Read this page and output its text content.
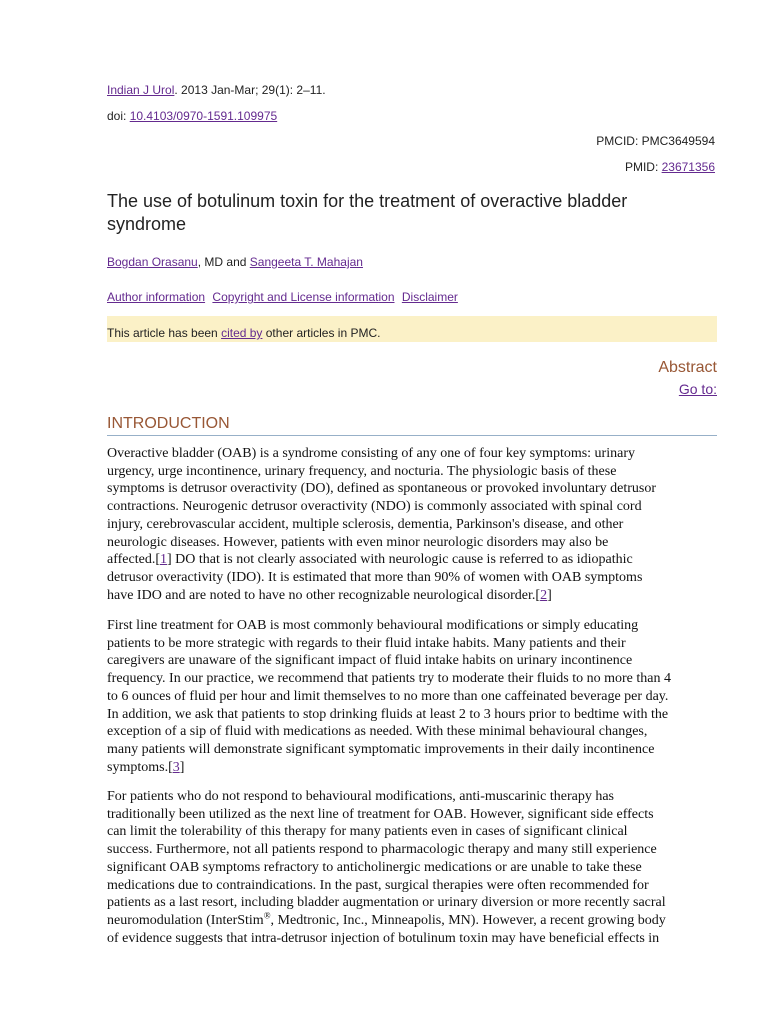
Indian J Urol. 2013 Jan-Mar; 29(1): 2–11.
doi: 10.4103/0970-1591.109975
PMCID: PMC3649594
PMID: 23671356
The use of botulinum toxin for the treatment of overactive bladder
syndrome
Bogdan Orasanu, MD and Sangeeta T. Mahajan
Author information Copyright and License information Disclaimer
This article has been cited by other articles in PMC.
Abstract
Go to:
INTRODUCTION

Overactive bladder (OAB) is a syndrome consisting of any one of four key symptoms: urinary
urgency, urge incontinence, urinary frequency, and nocturia. The physiologic basis of these
symptoms is detrusor overactivity (DO), defined as spontaneous or provoked involuntary detrusor
contractions. Neurogenic detrusor overactivity (NDO) is commonly associated with spinal cord
injury, cerebrovascular accident, multiple sclerosis, dementia, Parkinson's disease, and other
neurologic diseases. However, patients with even minor neurologic disorders may also be
affected.[1] DO that is not clearly associated with neurologic cause is referred to as idiopathic
detrusor overactivity (IDO). It is estimated that more than 90% of women with OAB symptoms
have IDO and are noted to have no other recognizable neurological disorder.[2]

First line treatment for OAB is most commonly behavioural modifications or simply educating
patients to be more strategic with regards to their fluid intake habits. Many patients and their
caregivers are unaware of the significant impact of fluid intake habits on urinary incontinence
frequency. In our practice, we recommend that patients try to moderate their fluids to no more than 4
to 6 ounces of fluid per hour and limit themselves to no more than one caffeinated beverage per day.
In addition, we ask that patients to stop drinking fluids at least 2 to 3 hours prior to bedtime with the
exception of a sip of fluid with medications as needed. With these minimal behavioural changes,
many patients will demonstrate significant symptomatic improvements in their daily incontinence
symptoms.[3]

For patients who do not respond to behavioural modifications, anti-muscarinic therapy has
traditionally been utilized as the next line of treatment for OAB. However, significant side effects
can limit the tolerability of this therapy for many patients even in cases of significant clinical
success. Furthermore, not all patients respond to pharmacologic therapy and many still experience
significant OAB symptoms refractory to anticholinergic medications or are unable to take these
medications due to contraindications. In the past, surgical therapies were often recommended for
patients as a last resort, including bladder augmentation or urinary diversion or more recently sacral
neuromodulation (InterStim®, Medtronic, Inc., Minneapolis, MN). However, a recent growing body
of evidence suggests that intra-detrusor injection of botulinum toxin may have beneficial effects in
